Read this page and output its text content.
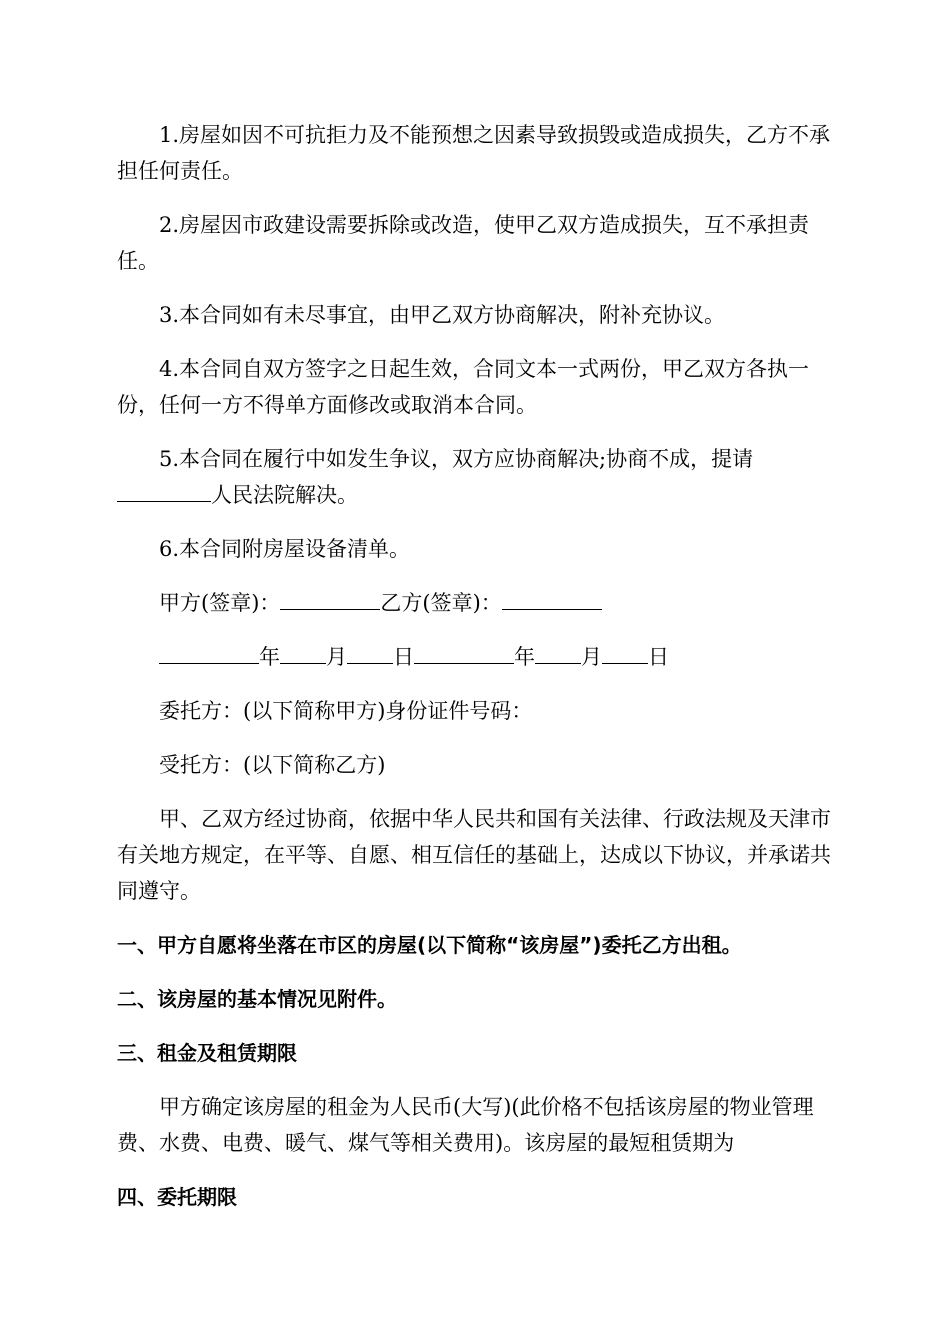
1.房屋如因不可抗拒力及不能预想之因素导致损毁或造成损失，乙方不承担任何责任。

2.房屋因市政建设需要拆除或改造，使甲乙双方造成损失，互不承担责任。

3.本合同如有未尽事宜，由甲乙双方协商解决，附补充协议。

4.本合同自双方签字之日起生效，合同文本一式两份，甲乙双方各执一份，任何一方不得单方面修改或取消本合同。

5.本合同在履行中如发生争议，双方应协商解决;协商不成，提请人民法院解决。

6.本合同附房屋设备清单。

甲方(签章)：	乙方(签章)：

年 月 日	年 月 日

委托方：(以下简称甲方)身份证件号码：

受托方：(以下简称乙方)

甲、乙双方经过协商，依据中华人民共和国有关法律、行政法规及天津市有关地方规定，在平等、自愿、相互信任的基础上，达成以下协议，并承诺共同遵守。

一、甲方自愿将坐落在市区的房屋(以下简称“该房屋”)委托乙方出租。

二、该房屋的基本情况见附件。

三、租金及租赁期限

甲方确定该房屋的租金为人民币(大写)(此价格不包括该房屋的物业管理费、水费、电费、暖气、煤气等相关费用)。该房屋的最短租赁期为

四、委托期限
